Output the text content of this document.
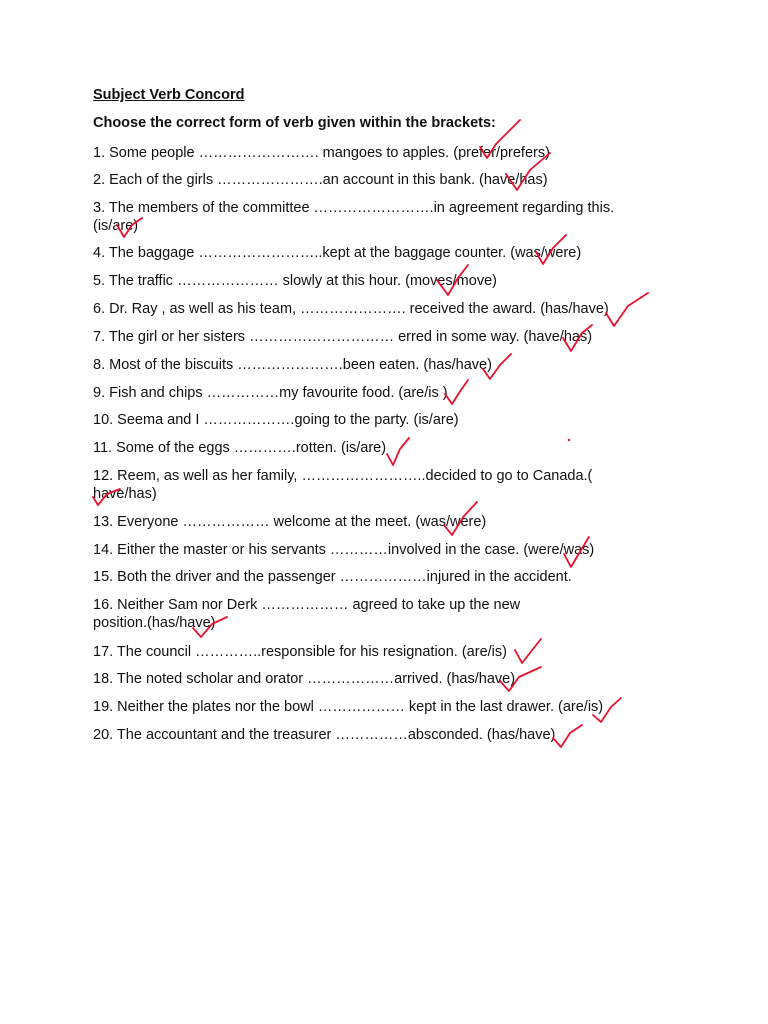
Subject Verb Concord
Choose the correct form of verb given within the brackets:
1. Some people ……………………. mangoes to apples. (prefer/prefers)
2. Each of the girls ………………….an account in this bank. (have/has)
3. The members of the committee …………………….in agreement regarding this.
(is/are)
4. The baggage ……………………..kept at the baggage counter. (was/were)
5. The traffic ………………… slowly at this hour. (moves/move)
6. Dr. Ray , as well as his team, …………………. received the award. (has/have)
7. The girl or her sisters ………………………… erred in some way. (have/has)
8. Most of the biscuits ………………….been eaten. (has/have)
9. Fish and chips ……………my favourite food. (are/is )
10. Seema and I ……………….going to the party. (is/are)
11. Some of the eggs ………….rotten. (is/are)
12. Reem, as well as her family, ……………………..decided to go to Canada.(
have/has)
13. Everyone ……………… welcome at the meet. (was/were)
14. Either the master or his servants …………involved in the case. (were/was)
15. Both the driver and the passenger ………………injured in the accident.
16. Neither Sam nor Derk ……………… agreed to take up the new
position.(has/have)
17. The council …………..responsible for his resignation. (are/is)
18. The noted scholar and orator ………………arrived. (has/have)
19. Neither the plates nor the bowl ……………… kept in the last drawer. (are/is)
20. The accountant and the treasurer ……………absconded. (has/have)
